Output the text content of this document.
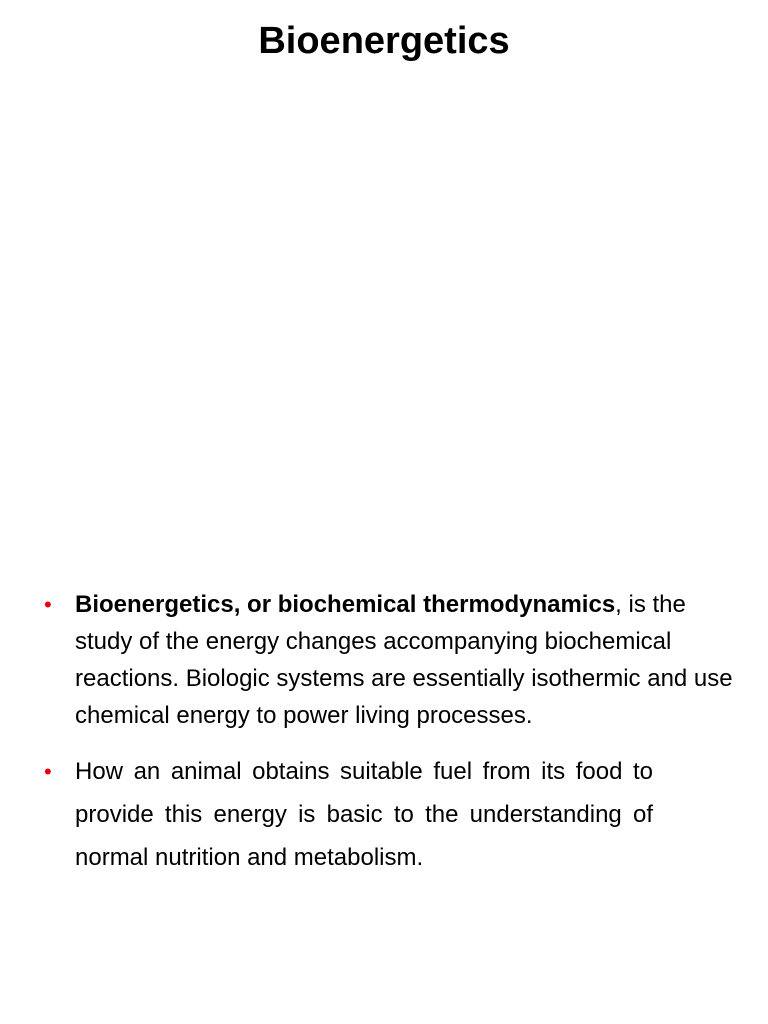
Bioenergetics
• Bioenergetics, or biochemical thermodynamics, is the study of the energy changes accompanying biochemical reactions. Biologic systems are essentially isothermic and use chemical energy to power living processes.
• How an animal obtains suitable fuel from its food to provide this energy is basic to the understanding of normal nutrition and metabolism.
